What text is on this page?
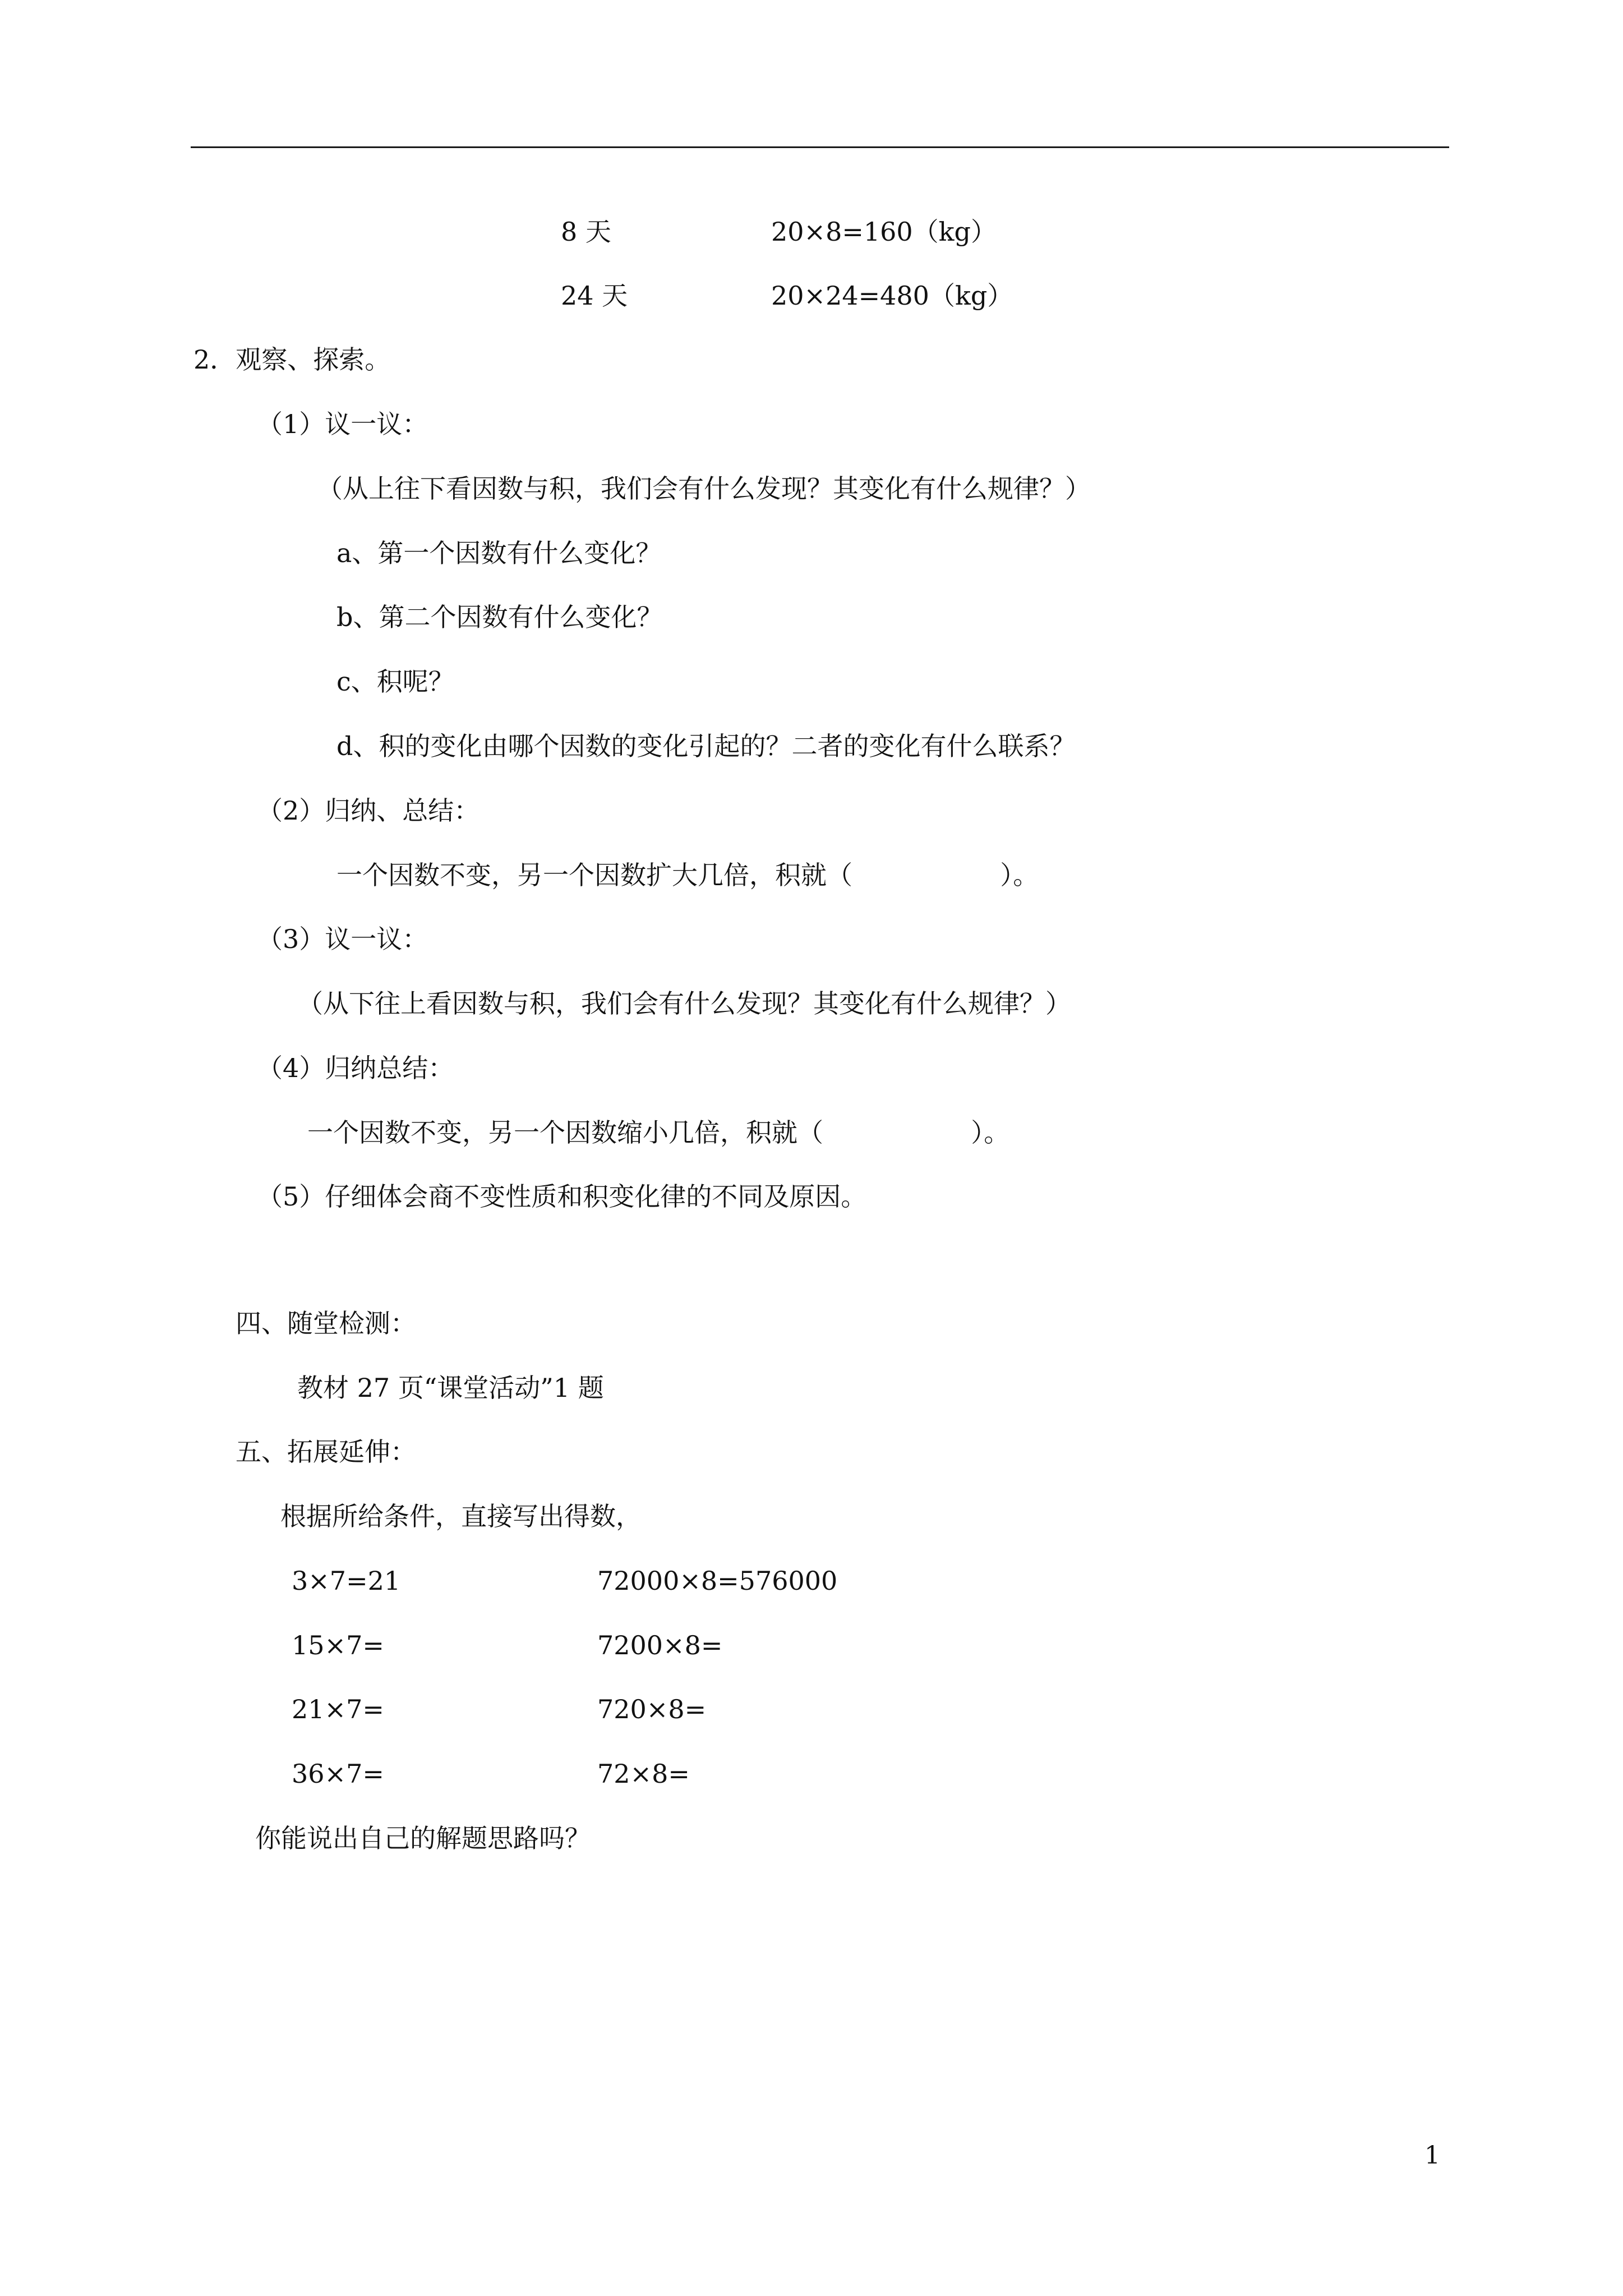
8 天	20×8=160（kg）
24 天	20×24=480（kg）
2．观察、探索。
（1）议一议：
（从上往下看因数与积，我们会有什么发现？其变化有什么规律？）
a、第一个因数有什么变化？
b、第二个因数有什么变化？
c、积呢？
d、积的变化由哪个因数的变化引起的？二者的变化有什么联系？
（2）归纳、总结：
一个因数不变，另一个因数扩大几倍，积就（                  ）。
（3）议一议：
（从下往上看因数与积，我们会有什么发现？其变化有什么规律？）
（4）归纳总结：
一个因数不变，另一个因数缩小几倍，积就（                  ）。
（5）仔细体会商不变性质和积变化律的不同及原因。
四、随堂检测：
教材 27 页“课堂活动”1 题
五、拓展延伸：
根据所给条件，直接写出得数，
3×7=21	72000×8=576000
15×7=	7200×8=
21×7=	720×8=
36×7=	72×8=
你能说出自己的解题思路吗？
1
